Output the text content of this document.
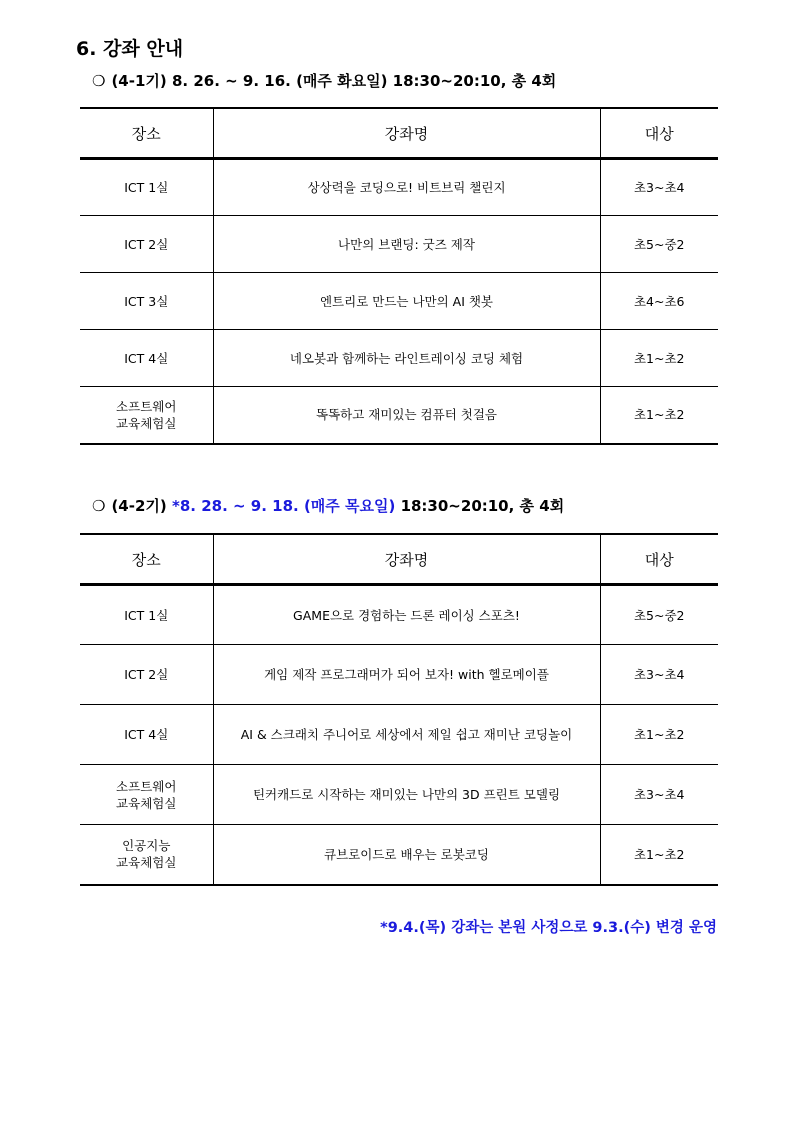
6. 강좌 안내
❍ (4-1기) 8. 26. ~ 9. 16. (매주 화요일) 18:30~20:10, 총 4회
장소	강좌명	대상
ICT 1실	상상력을 코딩으로! 비트브릭 챌린지	초3~초4
ICT 2실	나만의 브랜딩: 굿즈 제작	초5~중2
ICT 3실	엔트리로 만드는 나만의 AI 챗봇	초4~초6
ICT 4실	네오봇과 함께하는 라인트레이싱 코딩 체험	초1~초2
소프트웨어
교육체험실	똑똑하고 재미있는 컴퓨터 첫걸음	초1~초2
❍ (4-2기) *8. 28. ~ 9. 18. (매주 목요일) 18:30~20:10, 총 4회
장소	강좌명	대상
ICT 1실	GAME으로 경험하는 드론 레이싱 스포츠!	초5~중2
ICT 2실	게임 제작 프로그래머가 되어 보자! with 헬로메이플	초3~초4
ICT 4실	AI & 스크래치 주니어로 세상에서 제일 쉽고 재미난 코딩놀이	초1~초2
소프트웨어
교육체험실	틴커캐드로 시작하는 재미있는 나만의 3D 프린트 모델링	초3~초4
인공지능
교육체험실	큐브로이드로 배우는 로봇코딩	초1~초2
*9.4.(목) 강좌는 본원 사정으로 9.3.(수) 변경 운영
